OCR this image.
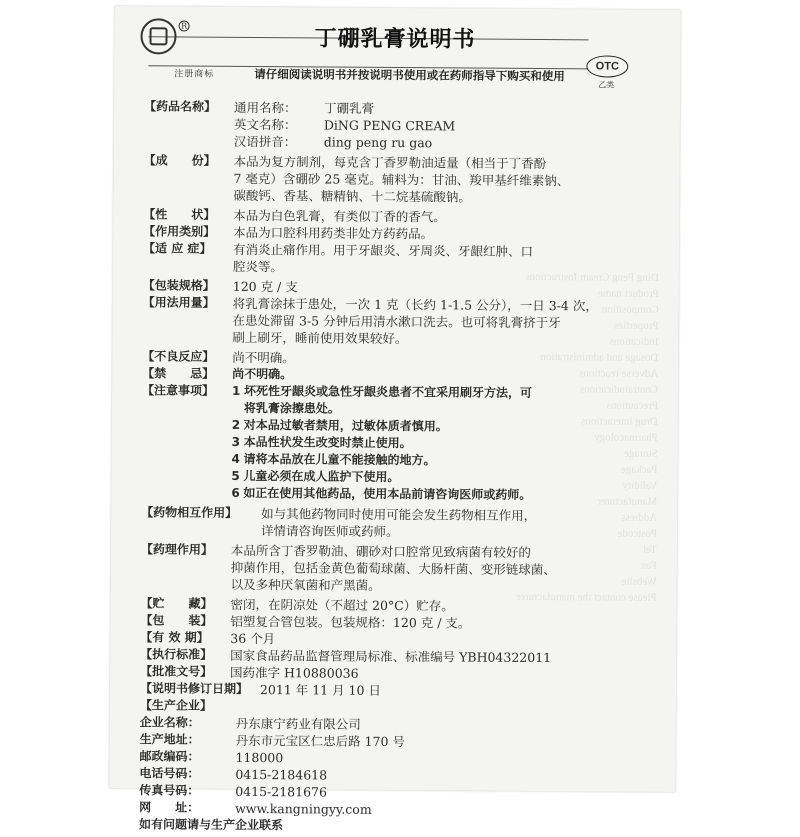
Ding Peng Cream Instructions
Product name
Composition
Properties
Indications
Dosage and administration
Adverse reactions
Contraindications
Precautions
Drug interactions
Pharmacology
Storage
Package
Validity
Manufacturer
Address
Postcode
Tel
Fax
Website
Please contact the manufacturer
R
注册商标
丁硼乳膏说明书
请仔细阅读说明书并按说明书使用或在药师指导下购买和使用
OTC
乙类
【药品名称】	通用名称：	丁硼乳膏
英文名称：	DiNG PENG CREAM
汉语拼音：	ding peng ru gao
【成　　份】	本品为复方制剂，每克含丁香罗勒油适量（相当于丁香酚
7 毫克）含硼砂 25 毫克。辅料为：甘油、羧甲基纤维素钠、
碳酸钙、香基、糖精钠、十二烷基硫酸钠。
【性　　状】	本品为白色乳膏，有类似丁香的香气。
【作用类别】	本品为口腔科用药类非处方药药品。
【适 应 症】	有消炎止痛作用。用于牙龈炎、牙周炎、牙龈红肿、口
腔炎等。
【包装规格】	120 克 / 支
【用法用量】	将乳膏涂抹于患处，一次 1 克（长约 1-1.5 公分），一日 3-4 次，
在患处滞留 3-5 分钟后用清水漱口洗去。也可将乳膏挤于牙
刷上刷牙，睡前使用效果较好。
【不良反应】	尚不明确。
【禁　　忌】	尚不明确。
【注意事项】	1 坏死性牙龈炎或急性牙龈炎患者不宜采用刷牙方法，可
将乳膏涂擦患处。
2 对本品过敏者禁用，过敏体质者慎用。
3 本品性状发生改变时禁止使用。
4 请将本品放在儿童不能接触的地方。
5 儿童必须在成人监护下使用。
6 如正在使用其他药品，使用本品前请咨询医师或药师。
【药物相互作用】	如与其他药物同时使用可能会发生药物相互作用，
详情请咨询医师或药师。
【药理作用】	本品所含丁香罗勒油、硼砂对口腔常见致病菌有较好的
抑菌作用，包括金黄色葡萄球菌、大肠杆菌、变形链球菌、
以及多种厌氧菌和产黑菌。
【贮　　藏】	密闭，在阴凉处（不超过 20°C）贮存。
【包　　装】	铝塑复合管包装。包装规格：120 克 / 支。
【有 效 期】	36 个月
【执行标准】	国家食品药品监督管理局标准、标准编号 YBH04322011
【批准文号】	国药准字 H10880036
【说明书修订日期】 2011 年 11 月 10 日
【生产企业】
企业名称：	丹东康宁药业有限公司
生产地址：	丹东市元宝区仁忠后路 170 号
邮政编码：	118000
电话号码：	0415-2184618
传真号码：	0415-2181676
网　　址：	www.kangningyy.com
如有问题请与生产企业联系
